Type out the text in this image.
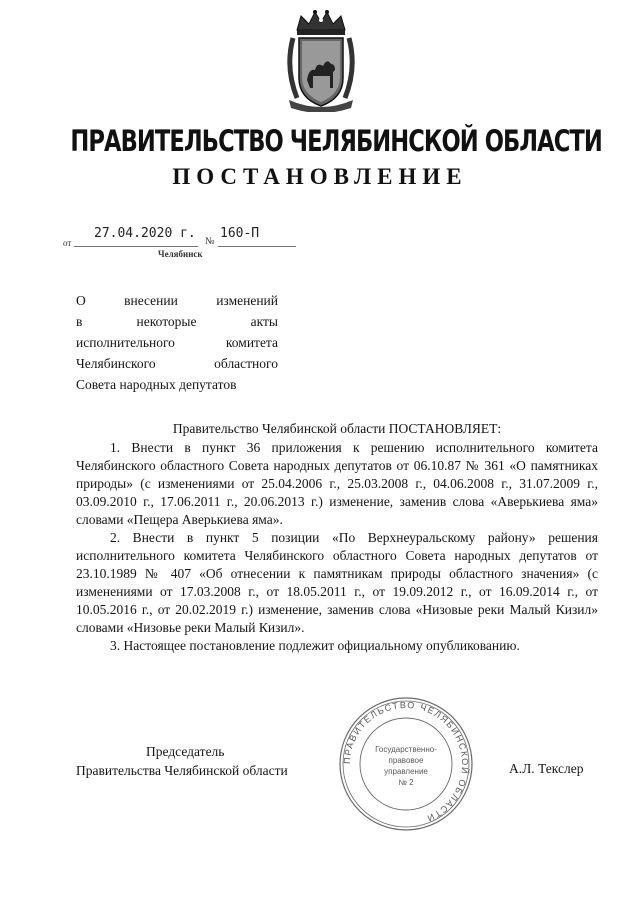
ПРАВИТЕЛЬСТВО ЧЕЛЯБИНСКОЙ ОБЛАСТИ
ПОСТАНОВЛЕНИЕ
от
27.04.2020 г.
№
160-П
Челябинск
О внесении изменений
в некоторые акты
исполнительного комитета
Челябинского областного
Совета народных депутатов

Правительство Челябинской области ПОСТАНОВЛЯЕТ:

1. Внести в пункт 36 приложения к решению исполнительного комитета Челябинского областного Совета народных депутатов от 06.10.87 № 361 «О памятниках природы» (с изменениями от 25.04.2006 г., 25.03.2008 г., 04.06.2008 г., 31.07.2009 г., 03.09.2010 г., 17.06.2011 г., 20.06.2013 г.) изменение, заменив слова «Аверькиева яма» словами «Пещера Аверькиева яма».

2. Внести в пункт 5 позиции «По Верхнеуральскому району» решения исполнительного комитета Челябинского областного Совета народных депутатов от 23.10.1989 № 407 «Об отнесении к памятникам природы областного значения» (с изменениями от 17.03.2008 г., от 18.05.2011 г., от 19.09.2012 г., от 16.09.2014 г., от 10.05.2016 г., от 20.02.2019 г.) изменение, заменив слова «Низовые реки Малый Кизил» словами «Низовье реки Малый Кизил».

3. Настоящее постановление подлежит официальному опубликованию.

Председатель
Правительства Челябинской области	А.Л. Текслер
ПРАВИТЕЛЬСТВО ЧЕЛЯБИНСКОЙ ОБЛАСТИ
Государственно-
правовое
управление
№ 2
